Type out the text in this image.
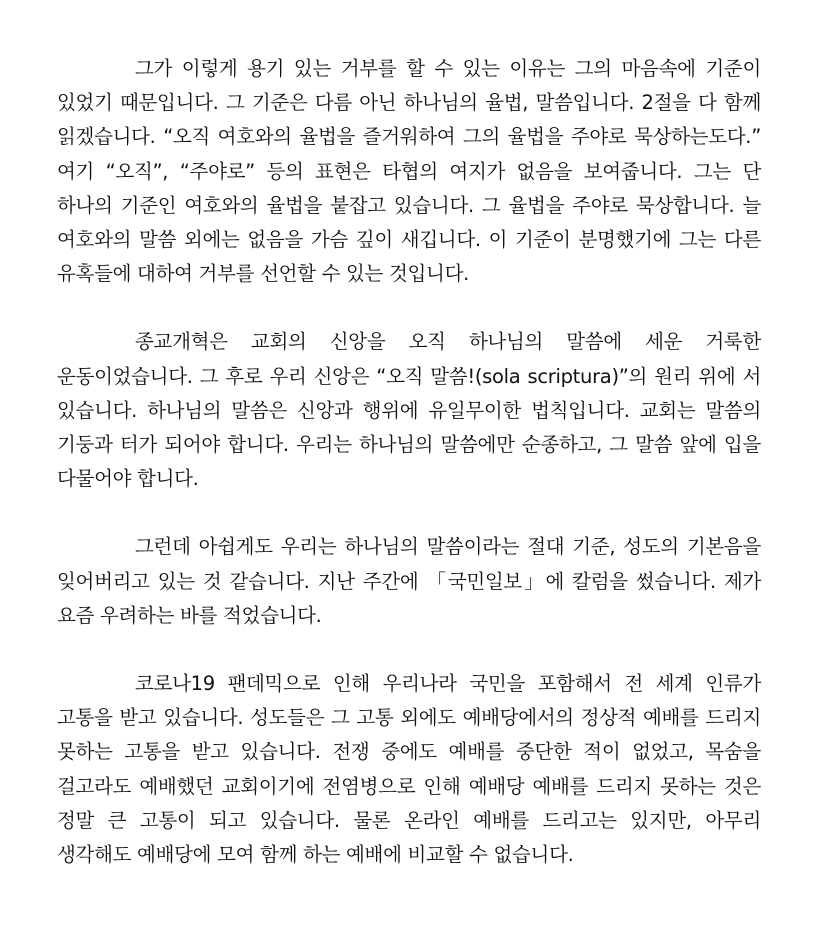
그가 이렇게 용기 있는 거부를 할 수 있는 이유는 그의 마음속에 기준이 있었기 때문입니다. 그 기준은 다름 아닌 하나님의 율법, 말씀입니다. 2절을 다 함께 읽겠습니다. “오직 여호와의 율법을 즐거워하여 그의 율법을 주야로 묵상하는도다.” 여기 “오직”, “주야로” 등의 표현은 타협의 여지가 없음을 보여줍니다. 그는 단 하나의 기준인 여호와의 율법을 붙잡고 있습니다. 그 율법을 주야로 묵상합니다. 늘 여호와의 말씀 외에는 없음을 가슴 깊이 새깁니다. 이 기준이 분명했기에 그는 다른 유혹들에 대하여 거부를 선언할 수 있는 것입니다.

종교개혁은 교회의 신앙을 오직 하나님의 말씀에 세운 거룩한 운동이었습니다. 그 후로 우리 신앙은 “오직 말씀!(sola scriptura)”의 원리 위에 서 있습니다. 하나님의 말씀은 신앙과 행위에 유일무이한 법칙입니다. 교회는 말씀의 기둥과 터가 되어야 합니다. 우리는 하나님의 말씀에만 순종하고, 그 말씀 앞에 입을 다물어야 합니다.

그런데 아쉽게도 우리는 하나님의 말씀이라는 절대 기준, 성도의 기본음을 잊어버리고 있는 것 같습니다. 지난 주간에 「국민일보」에 칼럼을 썼습니다. 제가 요즘 우려하는 바를 적었습니다.

코로나19 팬데믹으로 인해 우리나라 국민을 포함해서 전 세계 인류가 고통을 받고 있습니다. 성도들은 그 고통 외에도 예배당에서의 정상적 예배를 드리지 못하는 고통을 받고 있습니다. 전쟁 중에도 예배를 중단한 적이 없었고, 목숨을 걸고라도 예배했던 교회이기에 전염병으로 인해 예배당 예배를 드리지 못하는 것은 정말 큰 고통이 되고 있습니다. 물론 온라인 예배를 드리고는 있지만, 아무리 생각해도 예배당에 모여 함께 하는 예배에 비교할 수 없습니다.
